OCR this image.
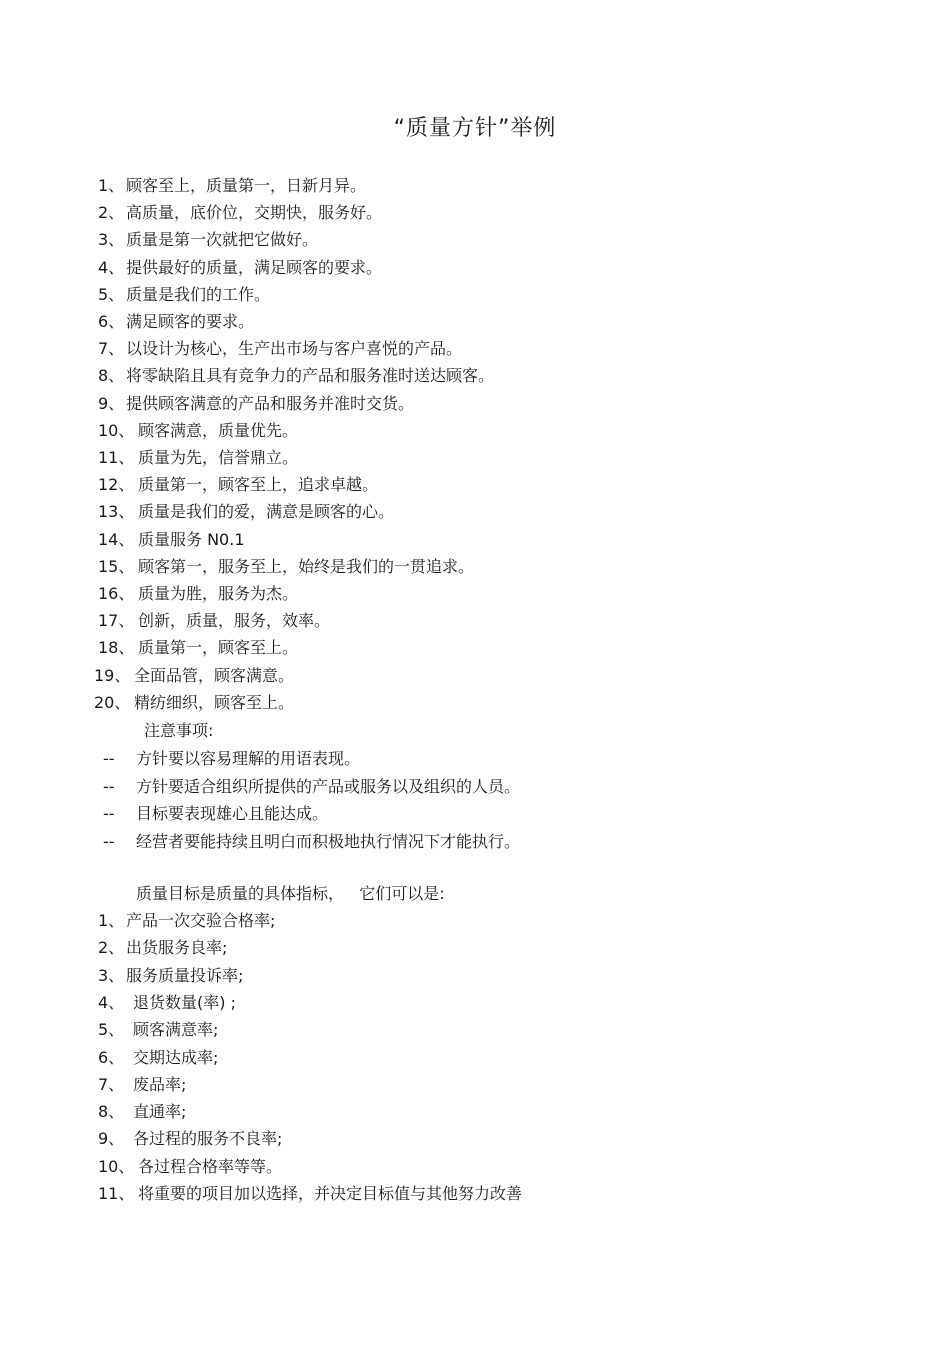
“质量方针”举例
1、 顾客至上，质量第一，日新月异。
2、 高质量，底价位，交期快，服务好。
3、 质量是第一次就把它做好。
4、 提供最好的质量，满足顾客的要求。
5、 质量是我们的工作。
6、 满足顾客的要求。
7、 以设计为核心，生产出市场与客户喜悦的产品。
8、 将零缺陷且具有竞争力的产品和服务准时送达顾客。
9、 提供顾客满意的产品和服务并准时交货。
10、 顾客满意，质量优先。
11、 质量为先，信誉鼎立。
12、 质量第一，顾客至上，追求卓越。
13、 质量是我们的爱，满意是顾客的心。
14、 质量服务 N0.1
15、 顾客第一，服务至上，始终是我们的一贯追求。
16、 质量为胜，服务为杰。
17、 创新，质量，服务，效率。
18、 质量第一，顾客至上。
19、 全面品管，顾客满意。
20、 精纺细织，顾客至上。
注意事项:
-- 方针要以容易理解的用语表现。
-- 方针要适合组织所提供的产品或服务以及组织的人员。
-- 目标要表现雄心且能达成。
-- 经营者要能持续且明白而积极地执行情况下才能执行。
质量目标是质量的具体指标，   它们可以是:
1、 产品一次交验合格率;
2、 出货服务良率;
3、 服务质量投诉率;
4、 退货数量(率) ;
5、 顾客满意率;
6、 交期达成率;
7、 废品率;
8、 直通率;
9、 各过程的服务不良率;
10、 各过程合格率等等。
11、 将重要的项目加以选择，并决定目标值与其他努力改善
